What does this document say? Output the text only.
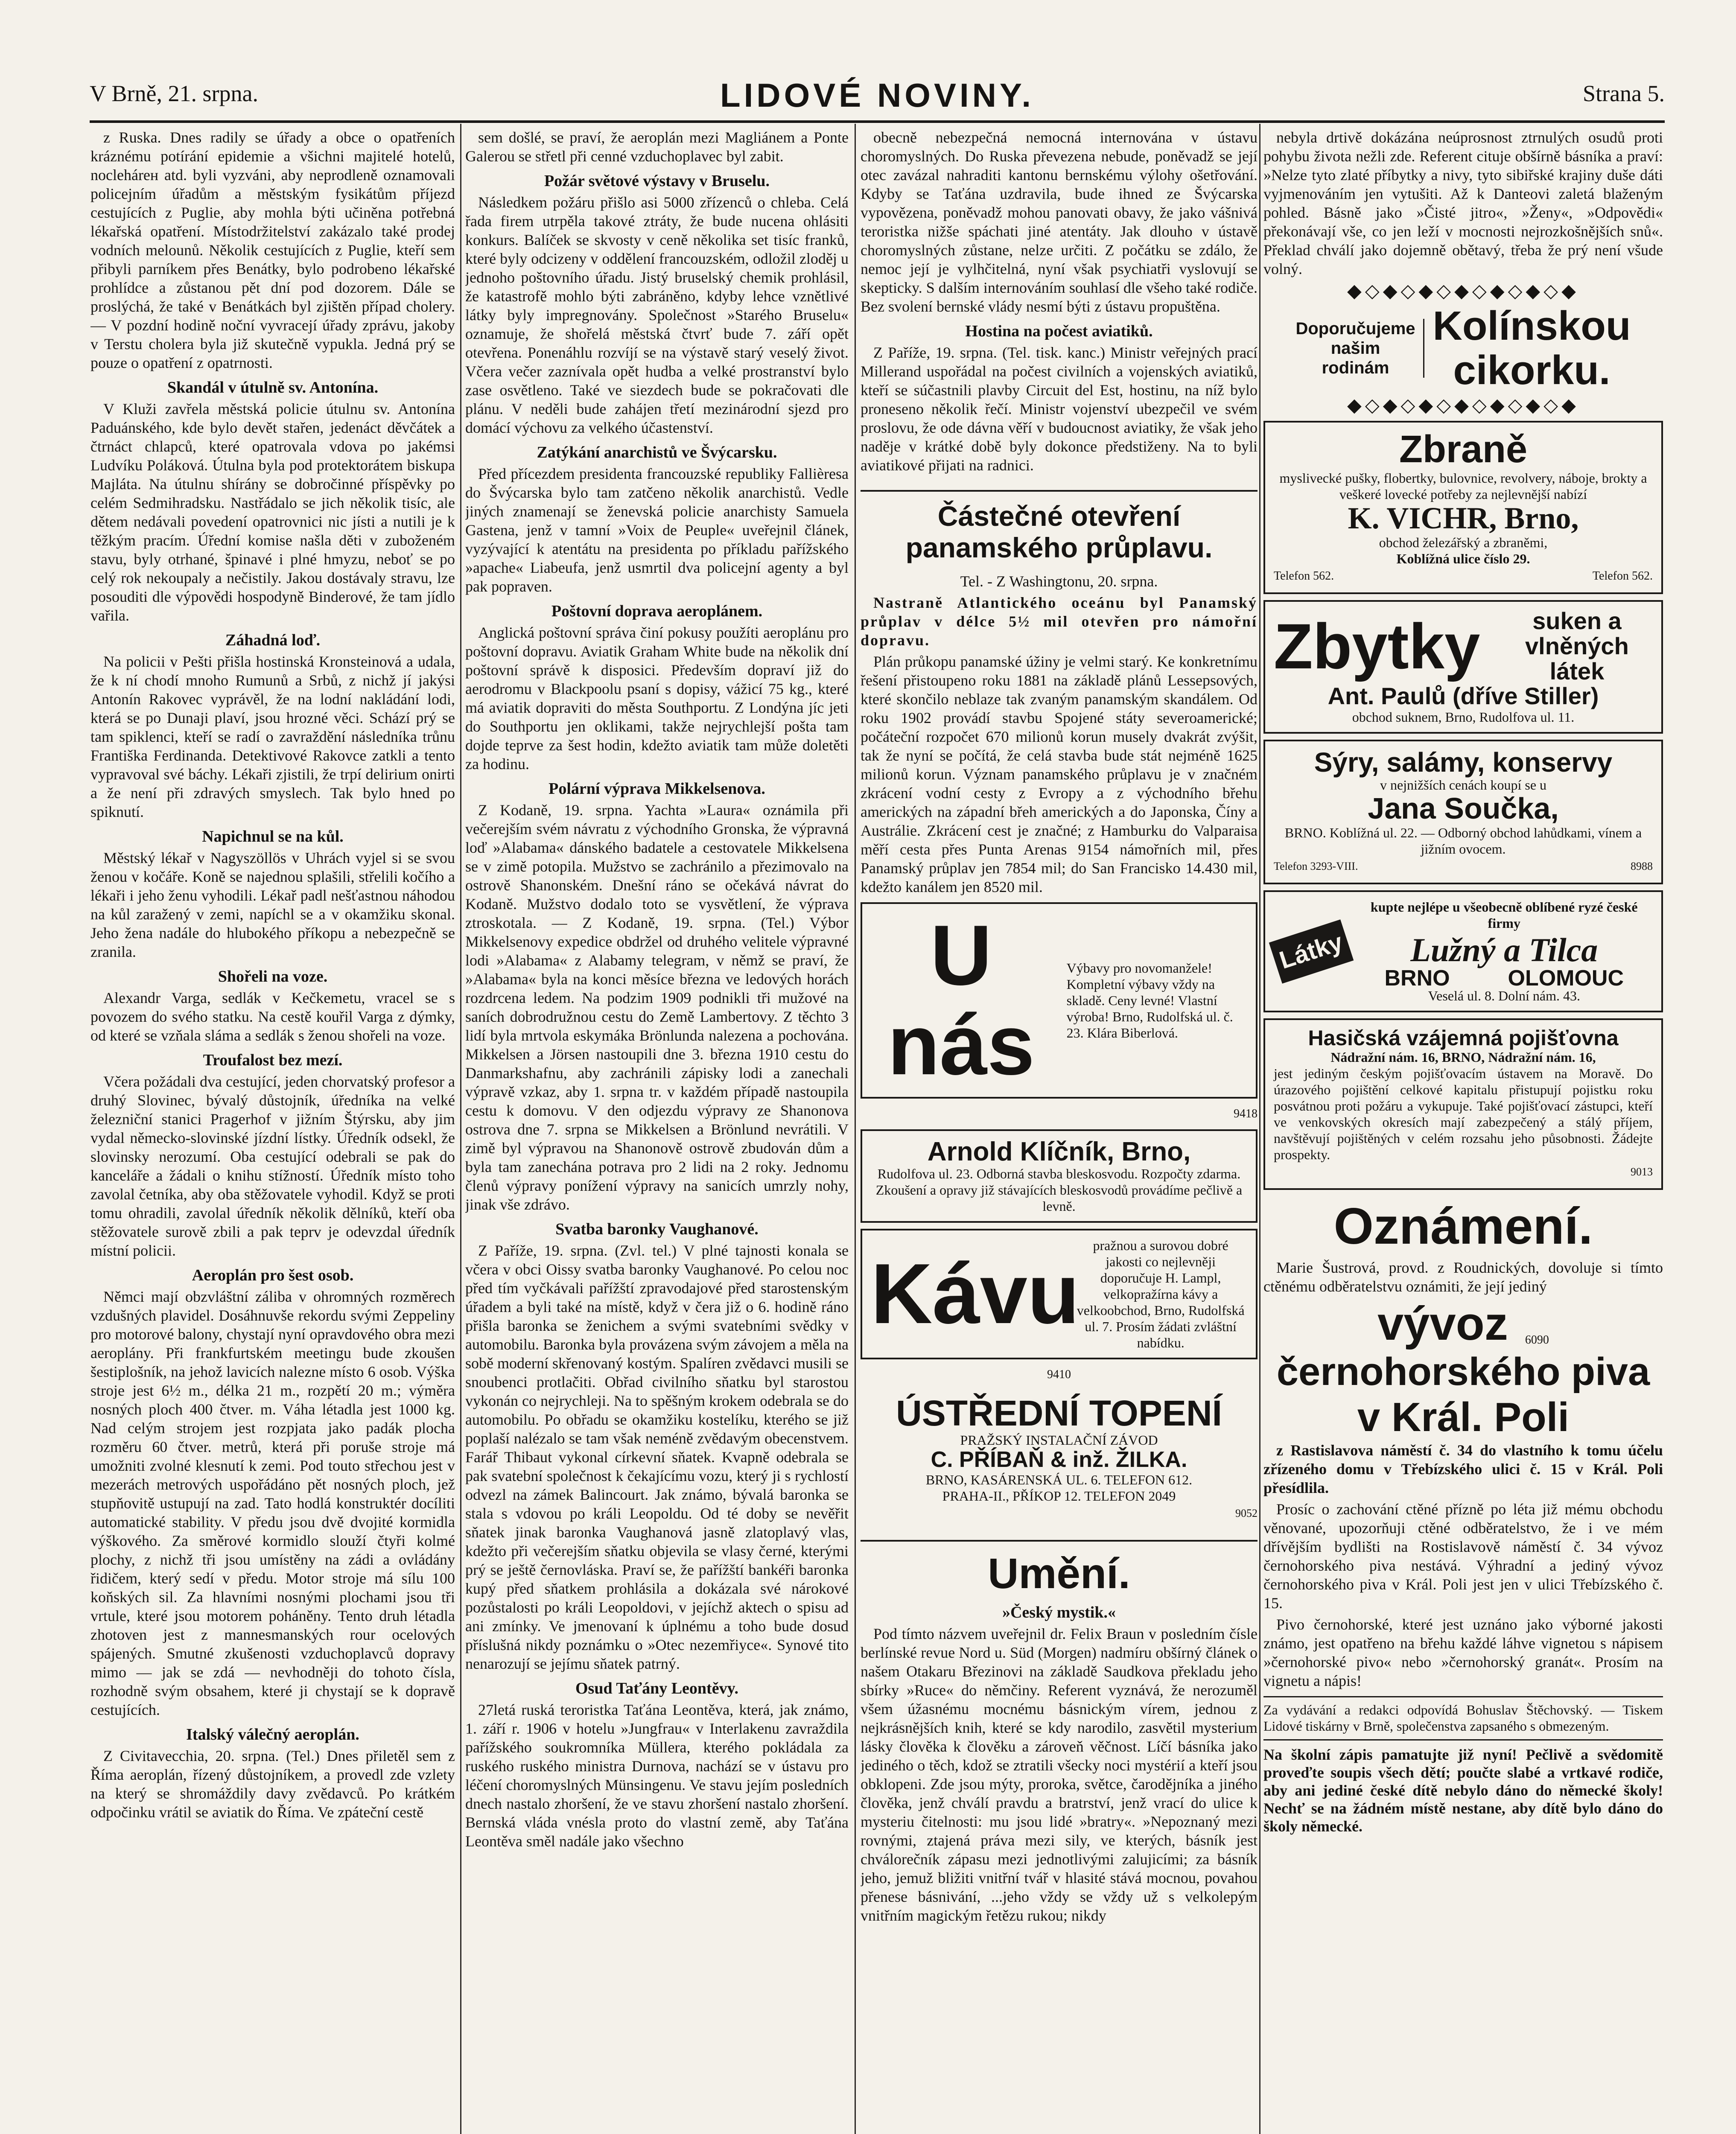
V Brně, 21. srpna.	LIDOVÉ NOVINY.	Strana 5.

z Ruska. Dnes radily se úřady a obce o opatřeních kráznému potírání epidemie a všichni majitelé hotelů, noclehárен atd. byli vyzváni, aby neprodleně oznamovali policejním úřadům a městským fysikátům příjezd cestujících z Puglie, aby mohla býti učiněna potřebná lékařská opatření. Místodržitelství zakázalo také prodej vodních melounů. Několik cestujících z Puglie, kteří sem přibyli parníkem přes Benátky, bylo podrobeno lékařské prohlídce a zůstanou pět dní pod dozorem. Dále se proslýchá, že také v Benátkách byl zjištěn případ cholery. — V pozdní hodině noční vyvracejí úřady zprávu, jakoby v Terstu cholera byla již skutečně vypukla. Jedná prý se pouze o opatření z opatrnosti.

Skandál v útulně sv. Antonína.

V Kluži zavřela městská policie útulnu sv. Antonína Paduánského, kde bylo devět stařen, jedenáct děvčátek a čtrnáct chlapců, které opatrovala vdova po jakémsi Ludvíku Poláková. Útulna byla pod protektorátem biskupa Majláta. Na útulnu shírány se dobročinné příspěvky po celém Sedmihradsku. Nastřádalo se jich několik tisíc, ale dětem nedávali povedení opatrovnici nic jísti a nutili je k těžkým pracím. Úřední komise našla děti v zuboženém stavu, byly otrhané, špinavé i plné hmyzu, neboť se po celý rok nekoupaly a nečistily. Jakou dostávaly stravu, lze posouditi dle výpovědi hospodyně Binderové, že tam jídlo vařila.

Záhadná loď.

Na policii v Pešti přišla hostinská Kronsteinová a udala, že k ní chodí mnoho Rumunů a Srbů, z nichž jí jakýsi Antonín Rakovec vyprávěl, že na lodní nakládání lodi, která se po Dunaji plaví, jsou hrozné věci. Schází prý se tam spiklenci, kteří se radí o zavraždění následníka trůnu Františka Ferdinanda. Detektivové Rakovce zatkli a tento vypravoval své báchy. Lékaři zjistili, že trpí delirium onirti a že není při zdravých smyslech. Tak bylo hned po spiknutí.

Napichnul se na kůl.

Městský lékař v Nagyszöllös v Uhrách vyjel si se svou ženou v kočáře. Koně se najednou splašili, střelili kočího a lékaři i jeho ženu vyhodili. Lékař padl nešťastnou náhodou na kůl zaražený v zemi, napíchl se a v okamžiku skonal. Jeho žena nadále do hlubokého příkopu a nebezpečně se zranila.

Shořeli na voze.

Alexandr Varga, sedlák v Kečkemetu, vracel se s povozem do svého statku. Na cestě kouřil Varga z dýmky, od které se vzňala sláma a sedlák s ženou shořeli na voze.

Troufalost bez mezí.

Včera požádali dva cestující, jeden chorvatský profesor a druhý Slovinec, bývalý důstojník, úředníka na velké železniční stanici Pragerhof v jižním Štýrsku, aby jim vydal německo-slovinské jízdní lístky. Úředník odsekl, že slovinsky nerozumí. Oba cestující odebrali se pak do kanceláře a žádali o knihu stížností. Úředník místo toho zavolal četníka, aby oba stěžovatele vyhodil. Když se proti tomu ohradili, zavolal úředník několik dělníků, kteří oba stěžovatele surově zbili a pak teprv je odevzdal úředník místní policii.

Aeroplán pro šest osob.

Němci mají obzvláštní záliba v ohromných rozměrech vzdušných plavidel. Dosáhnuvše rekordu svými Zeppeliny pro motorové balony, chystají nyní opravdového obra mezi aeroplány. Při frankfurtském meetingu bude zkoušen šestiplošník, na jehož lavicích nalezne místo 6 osob. Výška stroje jest 6½ m., délka 21 m., rozpětí 20 m.; výměra nosných ploch 400 čtver. m. Váha létadla jest 1000 kg. Nad celým strojem jest rozpjata jako padák plocha rozměru 60 čtver. metrů, která při poruše stroje má umožniti zvolné klesnutí k zemi. Pod touto střechou jest v mezerách metrových uspořádáno pět nosných ploch, jež stupňovitě ustupují na zad. Tato hodlá konstruktér docíliti automatické stability. V předu jsou dvě dvojité kormidla výškového. Za směrové kormidlo slouží čtyři kolmé plochy, z nichž tři jsou umístěny na zádi a ovládány řidičem, který sedí v předu. Motor stroje má sílu 100 koňských sil. Za hlavními nosnými plochami jsou tři vrtule, které jsou motorem poháněny. Tento druh létadla zhotoven jest z mannesmanských rour ocelových spájených. Smutné zkušenosti vzduchoplavců dopravy mimo — jak se zdá — nevhodněji do tohoto čísla, rozhodně svým obsahem, které ji chystají se k dopravě cestujících.

Italský válečný aeroplán.

Z Civitavecchia, 20. srpna. (Tel.) Dnes přiletěl sem z Říma aeroplán, řízený důstojníkem, a provedl zde vzlety na který se shromáždily davy zvědavců. Po krátkém odpočinku vrátil se aviatik do Říma. Ve zpáteční cestě

sem došlé, se praví, že aeroplán mezi Magliánem a Ponte Galerou se střetl při cenné vzduchoplavec byl zabit.

Požár světové výstavy v Bruselu.

Následkem požáru přišlo asi 5000 zřízenců o chleba. Celá řada firem utrpěla takové ztráty, že bude nucena ohlásiti konkurs. Balíček se skvosty v ceně několika set tisíc franků, které byly odcizeny v oddělení francouzském, odložil zloděj u jednoho poštovního úřadu. Jistý bruselský chemik prohlásil, že katastrofě mohlo býti zabráněno, kdyby lehce vznětlivé látky byly impregnovány. Společnost »Starého Bruselu« oznamuje, že shořelá městská čtvrť bude 7. září opět otevřena. Ponenáhlu rozvíjí se na výstavě starý veselý život. Včera večer zaznívala opět hudba a velké prostranství bylo zase osvětleno. Také ve siezdech bude se pokračovati dle plánu. V neděli bude zahájen třetí mezinárodní sjezd pro domácí výchovu za velkého účastenství.

Zatýkání anarchistů ve Švýcarsku.

Před přícezdem presidenta francouzské republiky Fallièresa do Švýcarska bylo tam zatčeno několik anarchistů. Vedle jiných znamenají se ženevská policie anarchisty Samuela Gastena, jenž v tamní »Voix de Peuple« uveřejnil článek, vyzývající k atentátu na presidenta po příkladu pařížského »apache« Liabeufa, jenž usmrtil dva policejní agenty a byl pak popraven.

Poštovní doprava aeroplánem.

Anglická poštovní správa činí pokusy použíti aeroplánu pro poštovní dopravu. Aviatik Graham White bude na několik dní poštovní správě k disposici. Především dopraví již do aerodromu v Blackpoolu psaní s dopisy, vážicí 75 kg., které má aviatik dopraviti do města Southportu. Z Londýna jíc jeti do Southportu jen oklikami, takže nejrychlejší pošta tam dojde teprve za šest hodin, kdežto aviatik tam může doletěti za hodinu.

Polární výprava Mikkelsenova.

Z Kodaně, 19. srpna. Yachta »Laura« oznámila při večerejším svém návratu z východního Gronska, že výpravná loď »Alabama« dánského badatele a cestovatele Mikkelsena se v zimě potopila. Mužstvo se zachránilo a přezimovalo na ostrově Shanonském. Dnešní ráno se očekává návrat do Kodaně. Mužstvo dodalo toto se vysvětlení, že výprava ztroskotala. — Z Kodaně, 19. srpna. (Tel.) Výbor Mikkelsenovy expedice obdržel od druhého velitele výpravné lodi »Alabama« z Alabamy telegram, v němž se praví, že »Alabama« byla na konci měsíce března ve ledových horách rozdrcena ledem. Na podzim 1909 podnikli tři mužové na saních dobrodružnou cestu do Země Lambertovy. Z těchto 3 lidí byla mrtvola eskymáka Brönlunda nalezena a pochována. Mikkelsen a Jörsen nastoupili dne 3. března 1910 cestu do Danmarkshafnu, aby zachránili zápisky lodi a zanechali výpravě vzkaz, aby 1. srpna tr. v každém případě nastoupila cestu k domovu. V den odjezdu výpravy ze Shanonova ostrova dne 7. srpna se Mikkelsen a Brönlund nevrátili. V zimě byl výpravou na Shanonově ostrově zbudován dům a byla tam zanechána potrava pro 2 lidi na 2 roky. Jednomu členů výpravy ponížení výpravy na sanicích umrzly nohy, jinak vše zdrávo.

Svatba baronky Vaughanové.

Z Paříže, 19. srpna. (Zvl. tel.) V plné tajnosti konala se včera v obci Oissy svatba baronky Vaughanové. Po celou noc před tím vyčkávali pařížští zpravodajové před starostenským úřadem a byli také na místě, když v čera již o 6. hodině ráno přišla baronka se ženichem a svými svatebními svědky v automobilu. Baronka byla provázena svým závojem a měla na sobě moderní skřenovaný kostým. Spalíren zvědavci musili se snoubenci protlačiti. Obřad civilního sňatku byl starostou vykonán co nejrychleji. Na to spěšným krokem odebrala se do automobilu. Po obřadu se okamžiku kostelíku, kterého se již poplaší nalézalo se tam však neméně zvědavým obecenstvem. Farář Thibaut vykonal církevní sňatek. Kvapně odebrala se pak svatební společnost k čekajícímu vozu, který ji s rychlostí odvezl na zámek Balincourt. Jak známo, bývalá baronka se stala s vdovou po králi Leopoldu. Od té doby se nevěřit sňatek jinak baronka Vaughanová jasně zlatoplavý vlas, kdežto při večerejším sňatku objevila se vlasy černé, kterými prý se ještě černovláska. Praví se, že pařížští bankéři baronka kupý před sňatkem prohlásila a dokázala své nárokové pozůstalosti po králi Leopoldovi, v jejíchž aktech o spisu ad ani zmínky. Ve jmenovaní k úplnému a toho bude dosud příslušná nikdy poznámku o »Otec nezemřiyce«. Synové tito nenarozují se jejímu sňatek patrný.

Osud Taťány Leontěvy.

27letá ruská teroristka Taťána Leontěva, která, jak známo, 1. září r. 1906 v hotelu »Jungfrau« v Interlakenu zavraždila pařížského soukromníka Müllera, kterého pokládala za ruského ruského ministra Durnova, nachází se v ústavu pro léčení choromyslných Münsingenu. Ve stavu jejím posledních dnech nastalo zhoršení, že ve stavu zhoršení nastalo zhoršení. Bernská vláda vnésla proto do vlastní země, aby Taťána Leontěva směl nadále jako všechno

obecně nebezpečná nemocná internována v ústavu choromyslných. Do Ruska převezena nebude, poněvadž se její otec zavázal nahraditi kantonu bernskému výlohy ošetřování. Kdyby se Taťána uzdravila, bude ihned ze Švýcarska vypovězena, poněvadž mohou panovati obavy, že jako vášnivá teroristka nižše spáchati jiné atentáty. Jak dlouho v ústavě choromyslných zůstane, nelze určiti. Z počátku se zdálo, že nemoc její je vylhčitelná, nyní však psychiatři vyslovují se skepticky. S dalším internováním souhlasí dle všeho také rodiče. Bez svolení bernské vlády nesmí býti z ústavu propuštěna.

Hostina na počest aviatiků.

Z Paříže, 19. srpna. (Tel. tisk. kanc.) Ministr veřejných prací Millerand uspořádal na počest civilních a vojenských aviatiků, kteří se súčastnili plavby Circuit del Est, hostinu, na níž bylo proneseno několik řečí. Ministr vojenství ubezpečil ve svém proslovu, že ode dávna věří v budoucnost aviatiky, že však jeho naděje v krátké době byly dokonce předstiženy. Na to byli aviatikové přijati na radnici.

Částečné otevření panamského průplavu.

Tel. - Z Washingtonu, 20. srpna.

Nastraně Atlantického oceánu byl Panamský průplav v délce 5½ mil otevřen pro námořní dopravu.

Plán průkopu panamské úžiny je velmi starý. Ke konkretnímu řešení přistoupeno roku 1881 na základě plánů Lessepsových, které skončilo neblaze tak zvaným panamským skandálem. Od roku 1902 provádí stavbu Spojené státy severoamerické; počáteční rozpočet 670 milionů korun musely dvakrát zvýšit, tak že nyní se počítá, že celá stavba bude stát nejméně 1625 milionů korun. Význam panamského průplavu je v značném zkrácení vodní cesty z Evropy a z východního břehu amerických na západní břeh amerických a do Japonska, Číny a Austrálie. Zkrácení cest je značné; z Hamburku do Valparaisa měří cesta přes Punta Arenas 9154 námořních mil, přes Panamský průplav jen 7854 mil; do San Francisko 14.430 mil, kdežto kanálem jen 8520 mil.

U nás
Výbavy pro novomanžele! Kompletní výbavy vždy na skladě. Ceny levné! Vlastní výroba! Brno, Rudolfská ul. č. 23. Klára Biberlová.
9418
Arnold Klíčník, Brno,
Rudolfova ul. 23. Odborná stavba bleskosvodu. Rozpočty zdarma. Zkoušení a opravy již stávajících bleskosvodů provádíme pečlivě a levně.
Kávu
pražnou a surovou dobré jakosti co nejlevněji doporučuje H. Lampl, velkopražírna kávy a velkoobchod, Brno, Rudolfská ul. 7. Prosím žádati zvláštní nabídku.
9410
ÚSTŘEDNÍ TOPENÍ
PRAŽSKÝ INSTALAČNÍ ZÁVOD
C. PŘÍBAŇ & inž. ŽILKA.
BRNO, KASÁRENSKÁ UL. 6. TELEFON 612.
PRAHA-II., PŘÍKOP 12. TELEFON 2049
9052
Umění.
»Český mystik.«

Pod tímto názvem uveřejnil dr. Felix Braun v posledním čísle berlínské revue Nord u. Süd (Morgen) nadmíru obšírný článek o našem Otakaru Březinovi na základě Saudkova překladu jeho sbírky »Ruce« do němčiny. Referent vyznává, že nerozuměl všem úžasnému mocnému básnickým vírem, jednou z nejkrásnějších knih, které se kdy narodilo, zasvětil mysterium lásky člověka k člověku a zároveň věčnost. Líčí básníka jako jediného o těch, kdož se ztratili všecky noci mystérií a kteří jsou obklopeni. Zde jsou mýty, proroka, světce, čarodějníka a jiného člověka, jenž chválí pravdu a bratrství, jenž vrací do ulice k mysteriu čitelnosti: mu jsou lidé »bratry«. »Nepoznaný mezi rovnými, ztajená práva mezi sily, ve kterých, básník jest chválorečník zápasu mezi jednotlivými zalujicími; za básník jeho, jemuž bližiti vnitřní tvář v hlasité stává mocnou, povahou přenese básnivání, ...jeho vždy se vždy už s velkolepým vnitřním magickým řetězu rukou; nikdy

nebyla drtivě dokázána neúprosnost ztrnulých osudů proti pohybu života nežli zde. Referent cituje obšírně básníka a praví: »Nelze tyto zlaté příbytky a nivy, tyto sibiřské krajiny duše dáti vyjmenováním jen vytušiti. Až k Danteovi zaletá blaženým pohled. Básně jako »Čisté jitro«, »Ženy«, »Odpovědi« překonávají vše, co jen leží v mocnosti nejrozkošnějších snů«. Překlad chválí jako dojemně obětavý, třeba že prý není všude volný.

◆◇◆◇◆◇◆◇◆◇◆◇◆
Doporučujeme
našim
rodinám
Kolínskou
cikorku.
◆◇◆◇◆◇◆◇◆◇◆◇◆
Zbraně
myslivecké pušky, flobertky, bulovnice, revolvery, náboje, brokty a veškeré lovecké potřeby za nejlevnější nabízí
K. VICHR, Brno,
obchod železářský a zbraněmi,
Koblížná ulice číslo 29.
Telefon 562.	Telefon 562.
Zbytky	suken a vlněných látek
Ant. Paulů (dříve Stiller)
obchod suknem, Brno, Rudolfova ul. 11.
Sýry, salámy, konservy
v nejnižších cenách koupí se u
Jana Součka,
BRNO. Koblížná ul. 22. — Odborný obchod lahůdkami, vínem a jižním ovocem.
Telefon 3293-VIII.	8988
Látky
kupte nejlépe u všeobecně oblíbené ryzé české firmy
Lužný a Tilca
BRNO	OLOMOUC
Veselá ul. 8. Dolní nám. 43.
Hasičská vzájemná pojišťovna
Nádražní nám. 16, BRNO, Nádražní nám. 16,
jest jediným českým pojišťovacím ústavem na Moravě. Do úrazového pojištění celkové kapitalu přistupují pojistku roku posvátnou proti požáru a vykupuje. Také pojišťovací zástupci, kteří ve venkovských okresích mají zabezpečený a stálý příjem, navštěvují pojištěných v celém rozsahu jeho působnosti. Žádejte prospekty.
9013
Oznámení.

Marie Šustrová, provd. z Roudnických, dovoluje si tímto ctěnému odběratelstvu oznámiti, že její jediný

vývoz 6090
černohorského piva
v Král. Poli

z Rastislavova náměstí č. 34 do vlastního k tomu účelu zřízeného domu v Třebízského ulici č. 15 v Král. Poli přesídlila.

Prosíc o zachování ctěné přízně po léta již mému obchodu věnované, upozorňuji ctěné odběratelstvo, že i ve mém dřívějším bydlišti na Rostislavově náměstí č. 34 vývoz černohorského piva nestává. Výhradní a jediný vývoz černohorského piva v Král. Poli jest jen v ulici Třebízského č. 15.

Pivo černohorské, které jest uznáno jako výborné jakosti známo, jest opatřeno na břehu každé láhve vignetou s nápisem »černohorské pivo« nebo »černohorský granát«. Prosím na vignetu a nápis!

Za vydávání a redakci odpovídá Bohuslav Štěchovský. — Tiskem Lidové tiskárny v Brně, společenstva zapsaného s obmezeným.
Na školní zápis pamatujte již nyní! Pečlivě a svědomitě proveďte soupis všech dětí; poučte slabé a vrtkavé rodiče, aby ani jediné české dítě nebylo dáno do německé školy! Nechť se na žádném místě nestane, aby dítě bylo dáno do školy německé.
